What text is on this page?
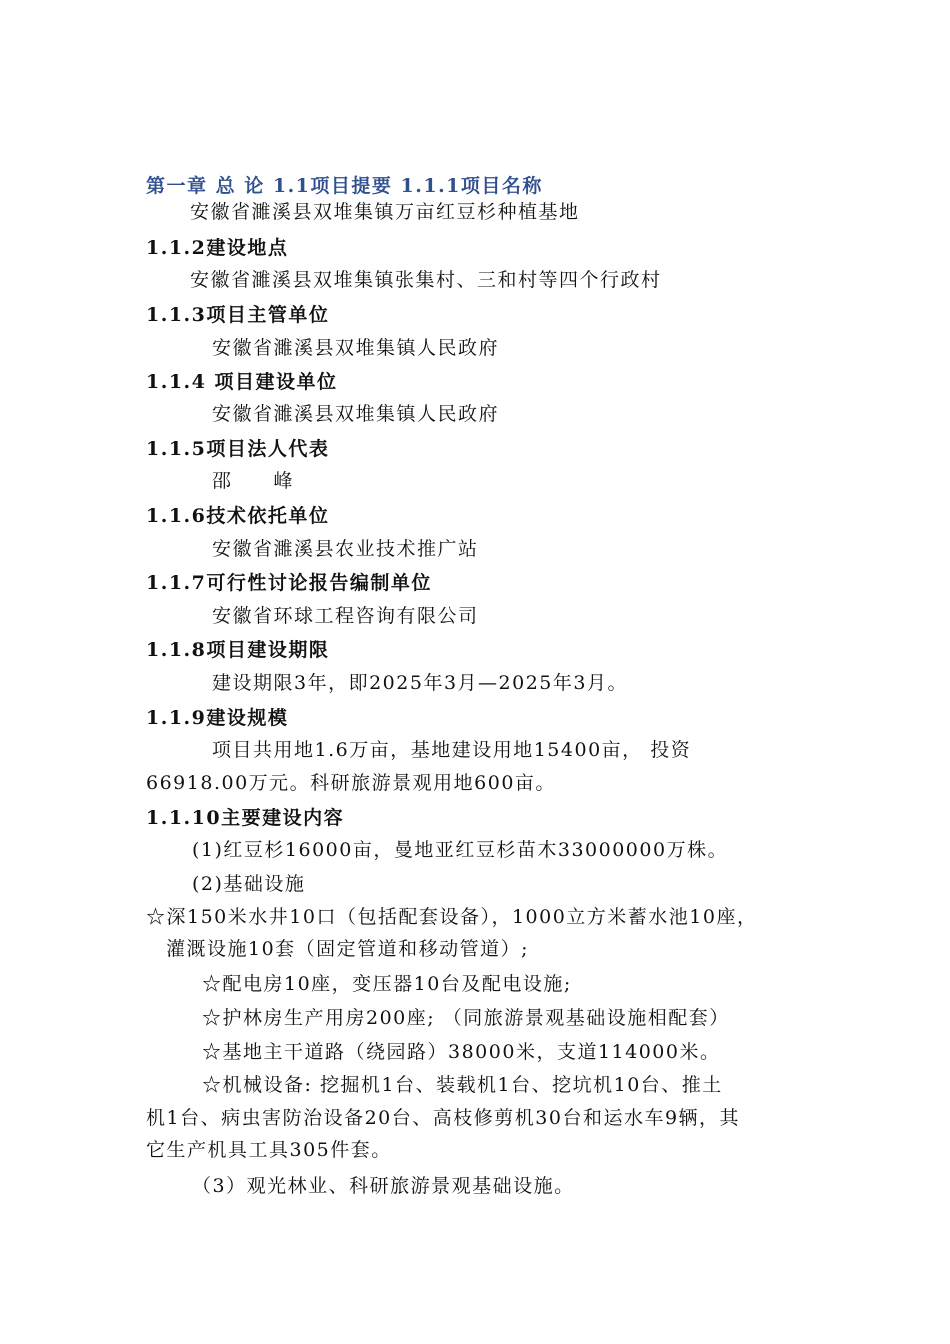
第一章 总 论 1.1项目提要 1.1.1项目名称
安徽省濉溪县双堆集镇万亩红豆杉种植基地
1.1.2建设地点
安徽省濉溪县双堆集镇张集村、三和村等四个行政村
1.1.3项目主管单位
安徽省濉溪县双堆集镇人民政府
1.1.4 项目建设单位
安徽省濉溪县双堆集镇人民政府
1.1.5项目法人代表
邵　　峰
1.1.6技术依托单位
安徽省濉溪县农业技术推广站
1.1.7可行性讨论报告编制单位
安徽省环球工程咨询有限公司
1.1.8项目建设期限
建设期限3年，即2025年3月—2025年3月。
1.1.9建设规模
项目共用地1.6万亩，基地建设用地15400亩， 投资
66918.00万元。科研旅游景观用地600亩。
1.1.10主要建设内容
(1)红豆杉16000亩，曼地亚红豆杉苗木33000000万株。
(2)基础设施
☆深150米水井10口（包括配套设备），1000立方米蓄水池10座，
灌溉设施10套（固定管道和移动管道）;
☆配电房10座，变压器10台及配电设施;
☆护林房生产用房200座; （同旅游景观基础设施相配套）
☆基地主干道路（绕园路）38000米，支道114000米。
☆机械设备: 挖掘机1台、装载机1台、挖坑机10台、推土
机1台、病虫害防治设备20台、高枝修剪机30台和运水车9辆，其
它生产机具工具305件套。
（3）观光林业、科研旅游景观基础设施。
